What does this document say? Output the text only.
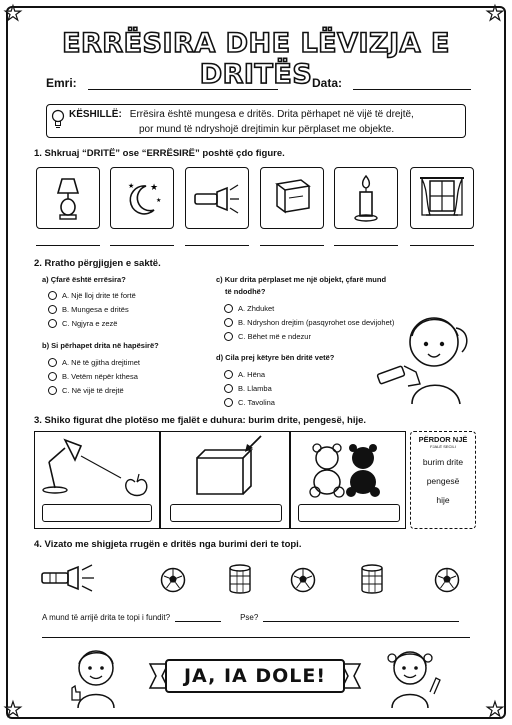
★	★
★	★
ERRËSIRA DHE LËVIZJA E DRITËS
Emri:	Data:
KËSHILLË: Errësira është mungesa e dritës. Drita përhapet në vijë të drejtë,
por mund të ndryshojë drejtimin kur përplaset me objekte.
1. Shkruaj “DRITË” ose “ERRËSIRË” poshtë çdo figure.
★
★
★
2. Rratho përgjigjen e saktë.
a) Çfarë është errësira?
A. Një lloj drite të fortë
B. Mungesa e dritës
C. Ngjyra e zezë
b) Si përhapet drita në hapësirë?
A. Në të gjitha drejtimet
B. Vetëm nëpër kthesa
C. Në vijë të drejtë
c) Kur drita përplaset me një objekt, çfarë mund
të ndodhë?
A. Zhduket
B. Ndryshon drejtim (pasqyrohet ose devijohet)
C. Bëhet më e ndezur
d) Cila prej këtyre bën dritë vetë?
A. Hëna
B. Llamba
C. Tavolina
3. Shiko figurat dhe plotëso me fjalët e duhura: burim drite, pengesë, hije.
PËRDOR NJË
FJALË SECILI
burim drite
pengesë
hije
4. Vizato me shigjeta rrugën e dritës nga burimi deri te topi.
A mund të arrijë drita te topi i fundit?	Pse?
JA, IA DOLE!
